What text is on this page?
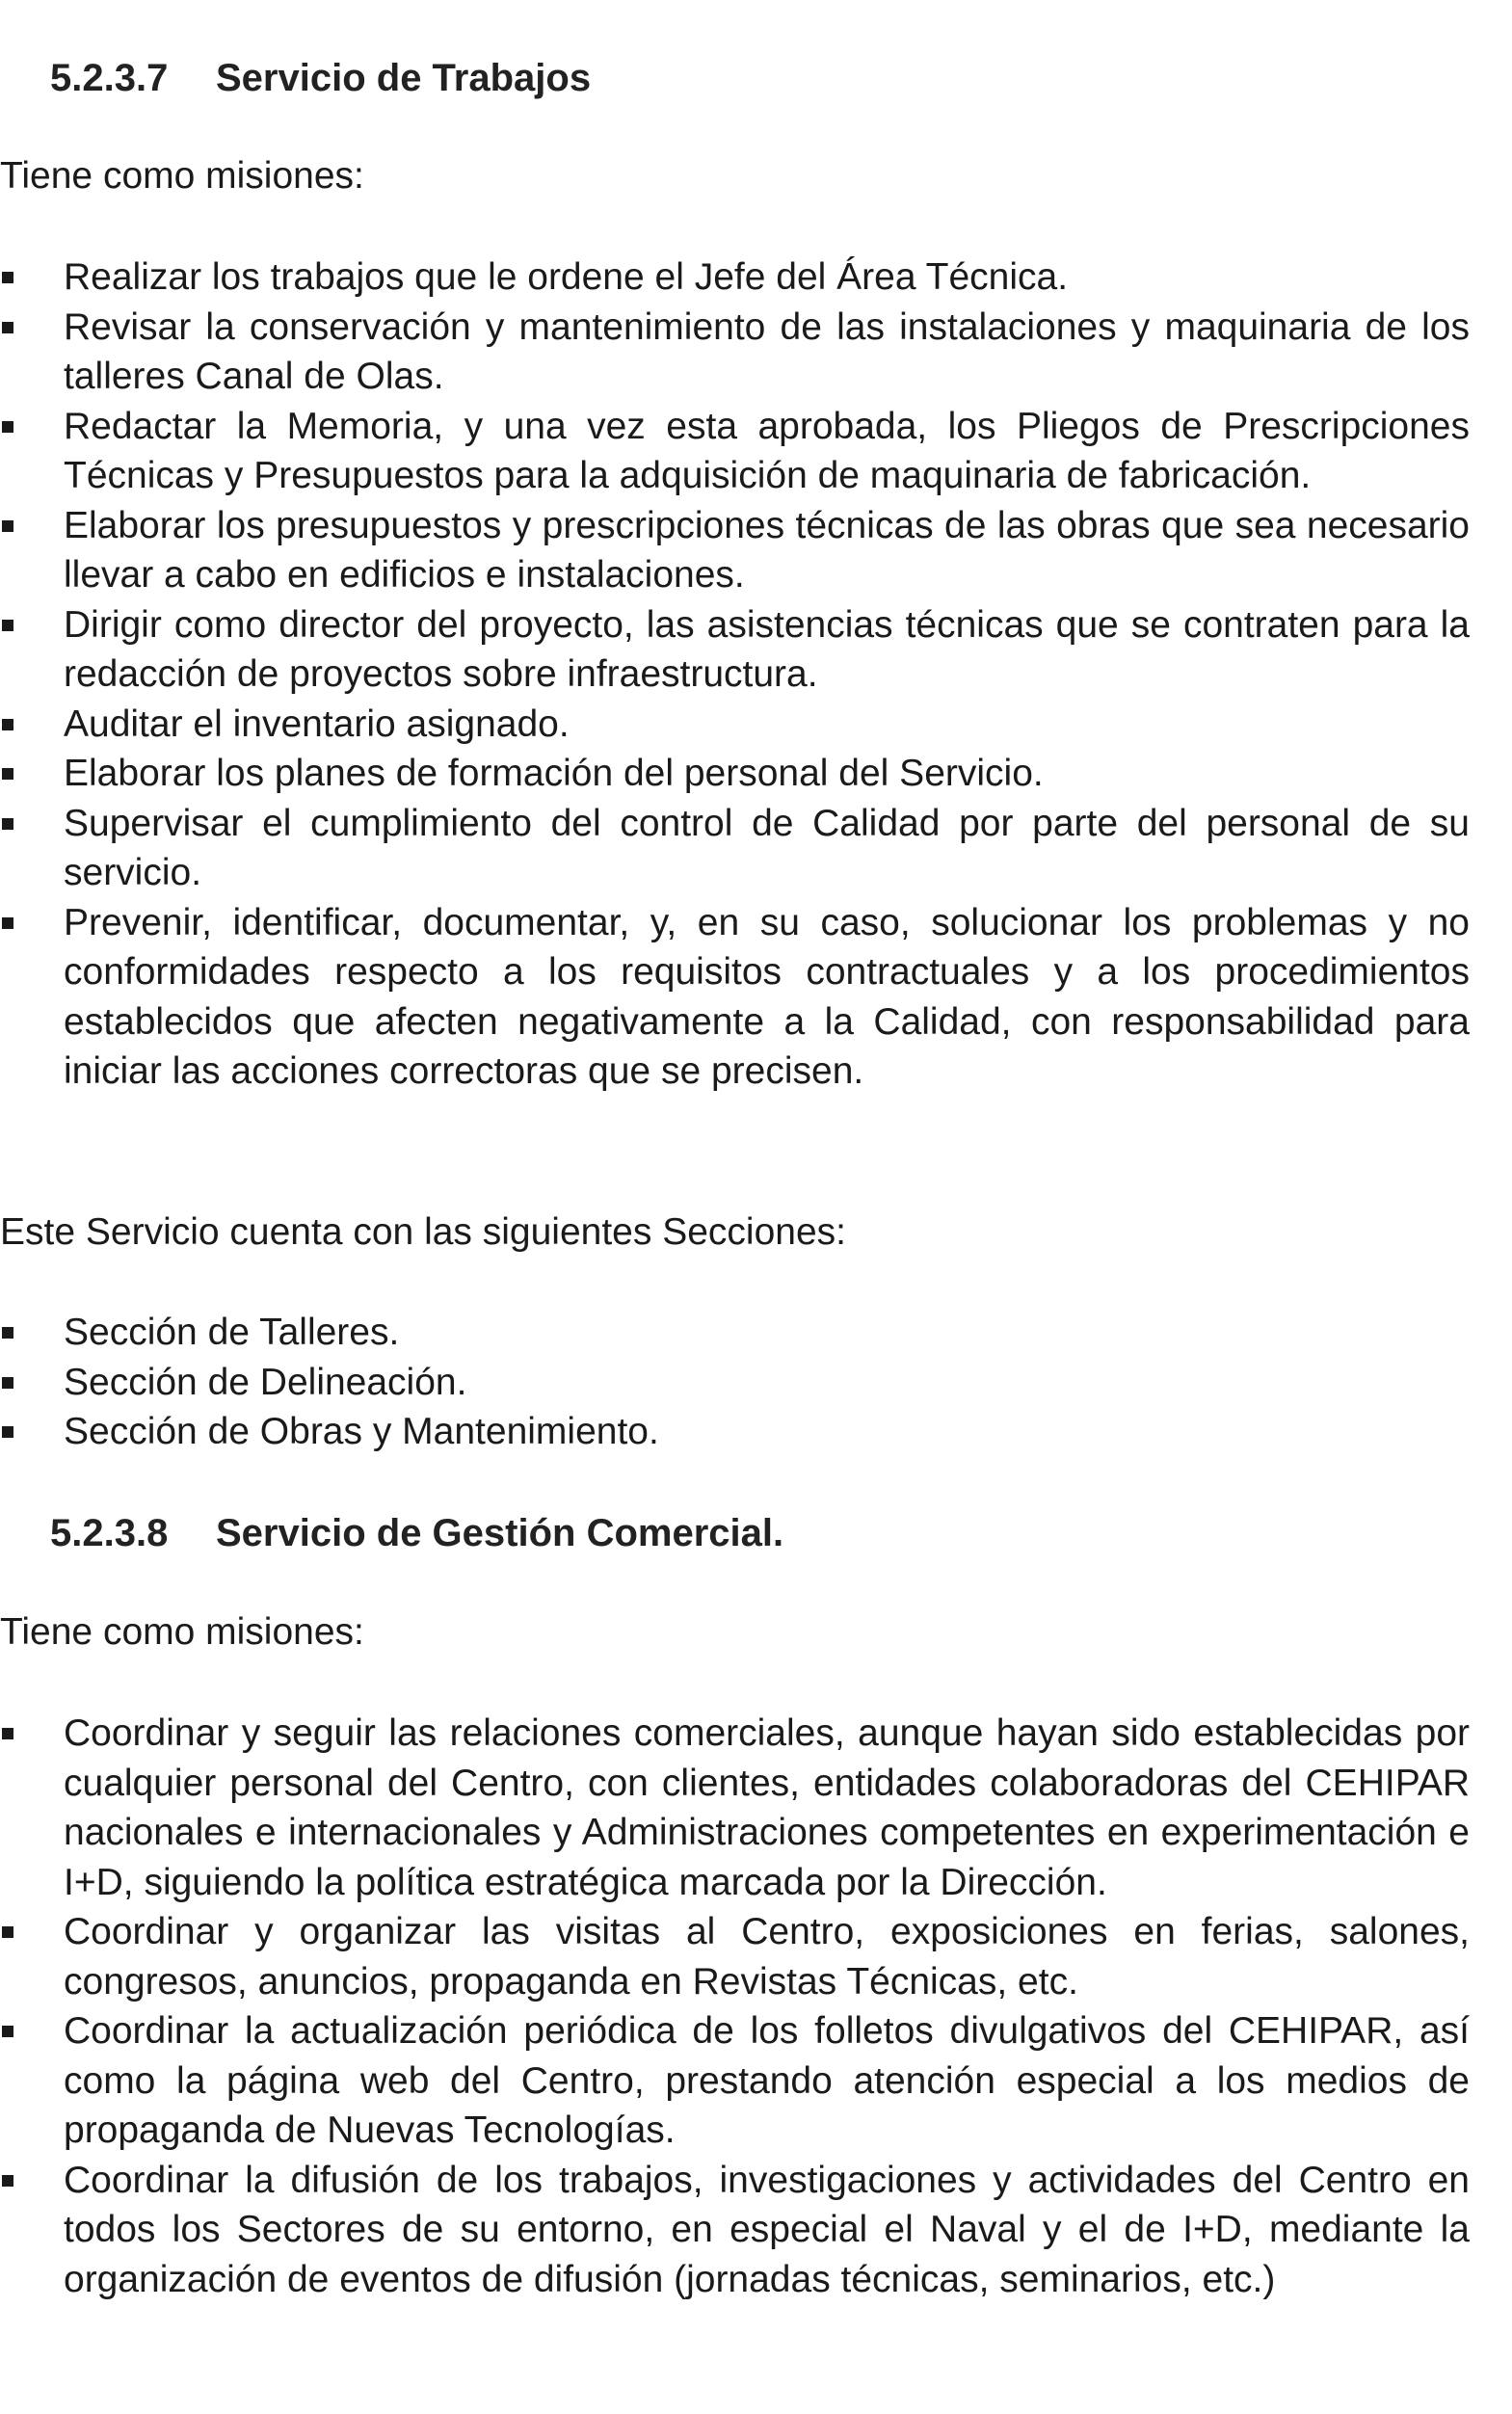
5.2.3.7 Servicio de Trabajos

Tiene como misiones:

Realizar los trabajos que le ordene el Jefe del Área Técnica.
Revisar la conservación y mantenimiento de las instalaciones y maquinaria de los talleres Canal de Olas.
Redactar la Memoria, y una vez esta aprobada, los Pliegos de Prescripciones Técnicas y Presupuestos para la adquisición de maquinaria de fabricación.
Elaborar los presupuestos y prescripciones técnicas de las obras que sea necesario llevar a cabo en edificios e instalaciones.
Dirigir como director del proyecto, las asistencias técnicas que se contraten para la redacción de proyectos sobre infraestructura.
Auditar el inventario asignado.
Elaborar los planes de formación del personal del Servicio.
Supervisar el cumplimiento del control de Calidad por parte del personal de su servicio.
Prevenir, identificar, documentar, y, en su caso, solucionar los problemas y no conformidades respecto a los requisitos contractuales y a los procedimientos establecidos que afecten negativamente a la Calidad, con responsabilidad para iniciar las acciones correctoras que se precisen.

Este Servicio cuenta con las siguientes Secciones:

Sección de Talleres.
Sección de Delineación.
Sección de Obras y Mantenimiento.
5.2.3.8 Servicio de Gestión Comercial.

Tiene como misiones:

Coordinar y seguir las relaciones comerciales, aunque hayan sido establecidas por cualquier personal del Centro, con clientes, entidades colaboradoras del CEHIPAR nacionales e internacionales y Administraciones competentes en experimentación e I+D, siguiendo la política estratégica marcada por la Dirección.
Coordinar y organizar las visitas al Centro, exposiciones en ferias, salones, congresos, anuncios, propaganda en Revistas Técnicas, etc.
Coordinar la actualización periódica de los folletos divulgativos del CEHIPAR, así como la página web del Centro, prestando atención especial a los medios de propaganda de Nuevas Tecnologías.
Coordinar la difusión de los trabajos, investigaciones y actividades del Centro en todos los Sectores de su entorno, en especial el Naval y el de I+D, mediante la organización de eventos de difusión (jornadas técnicas, seminarios, etc.)
